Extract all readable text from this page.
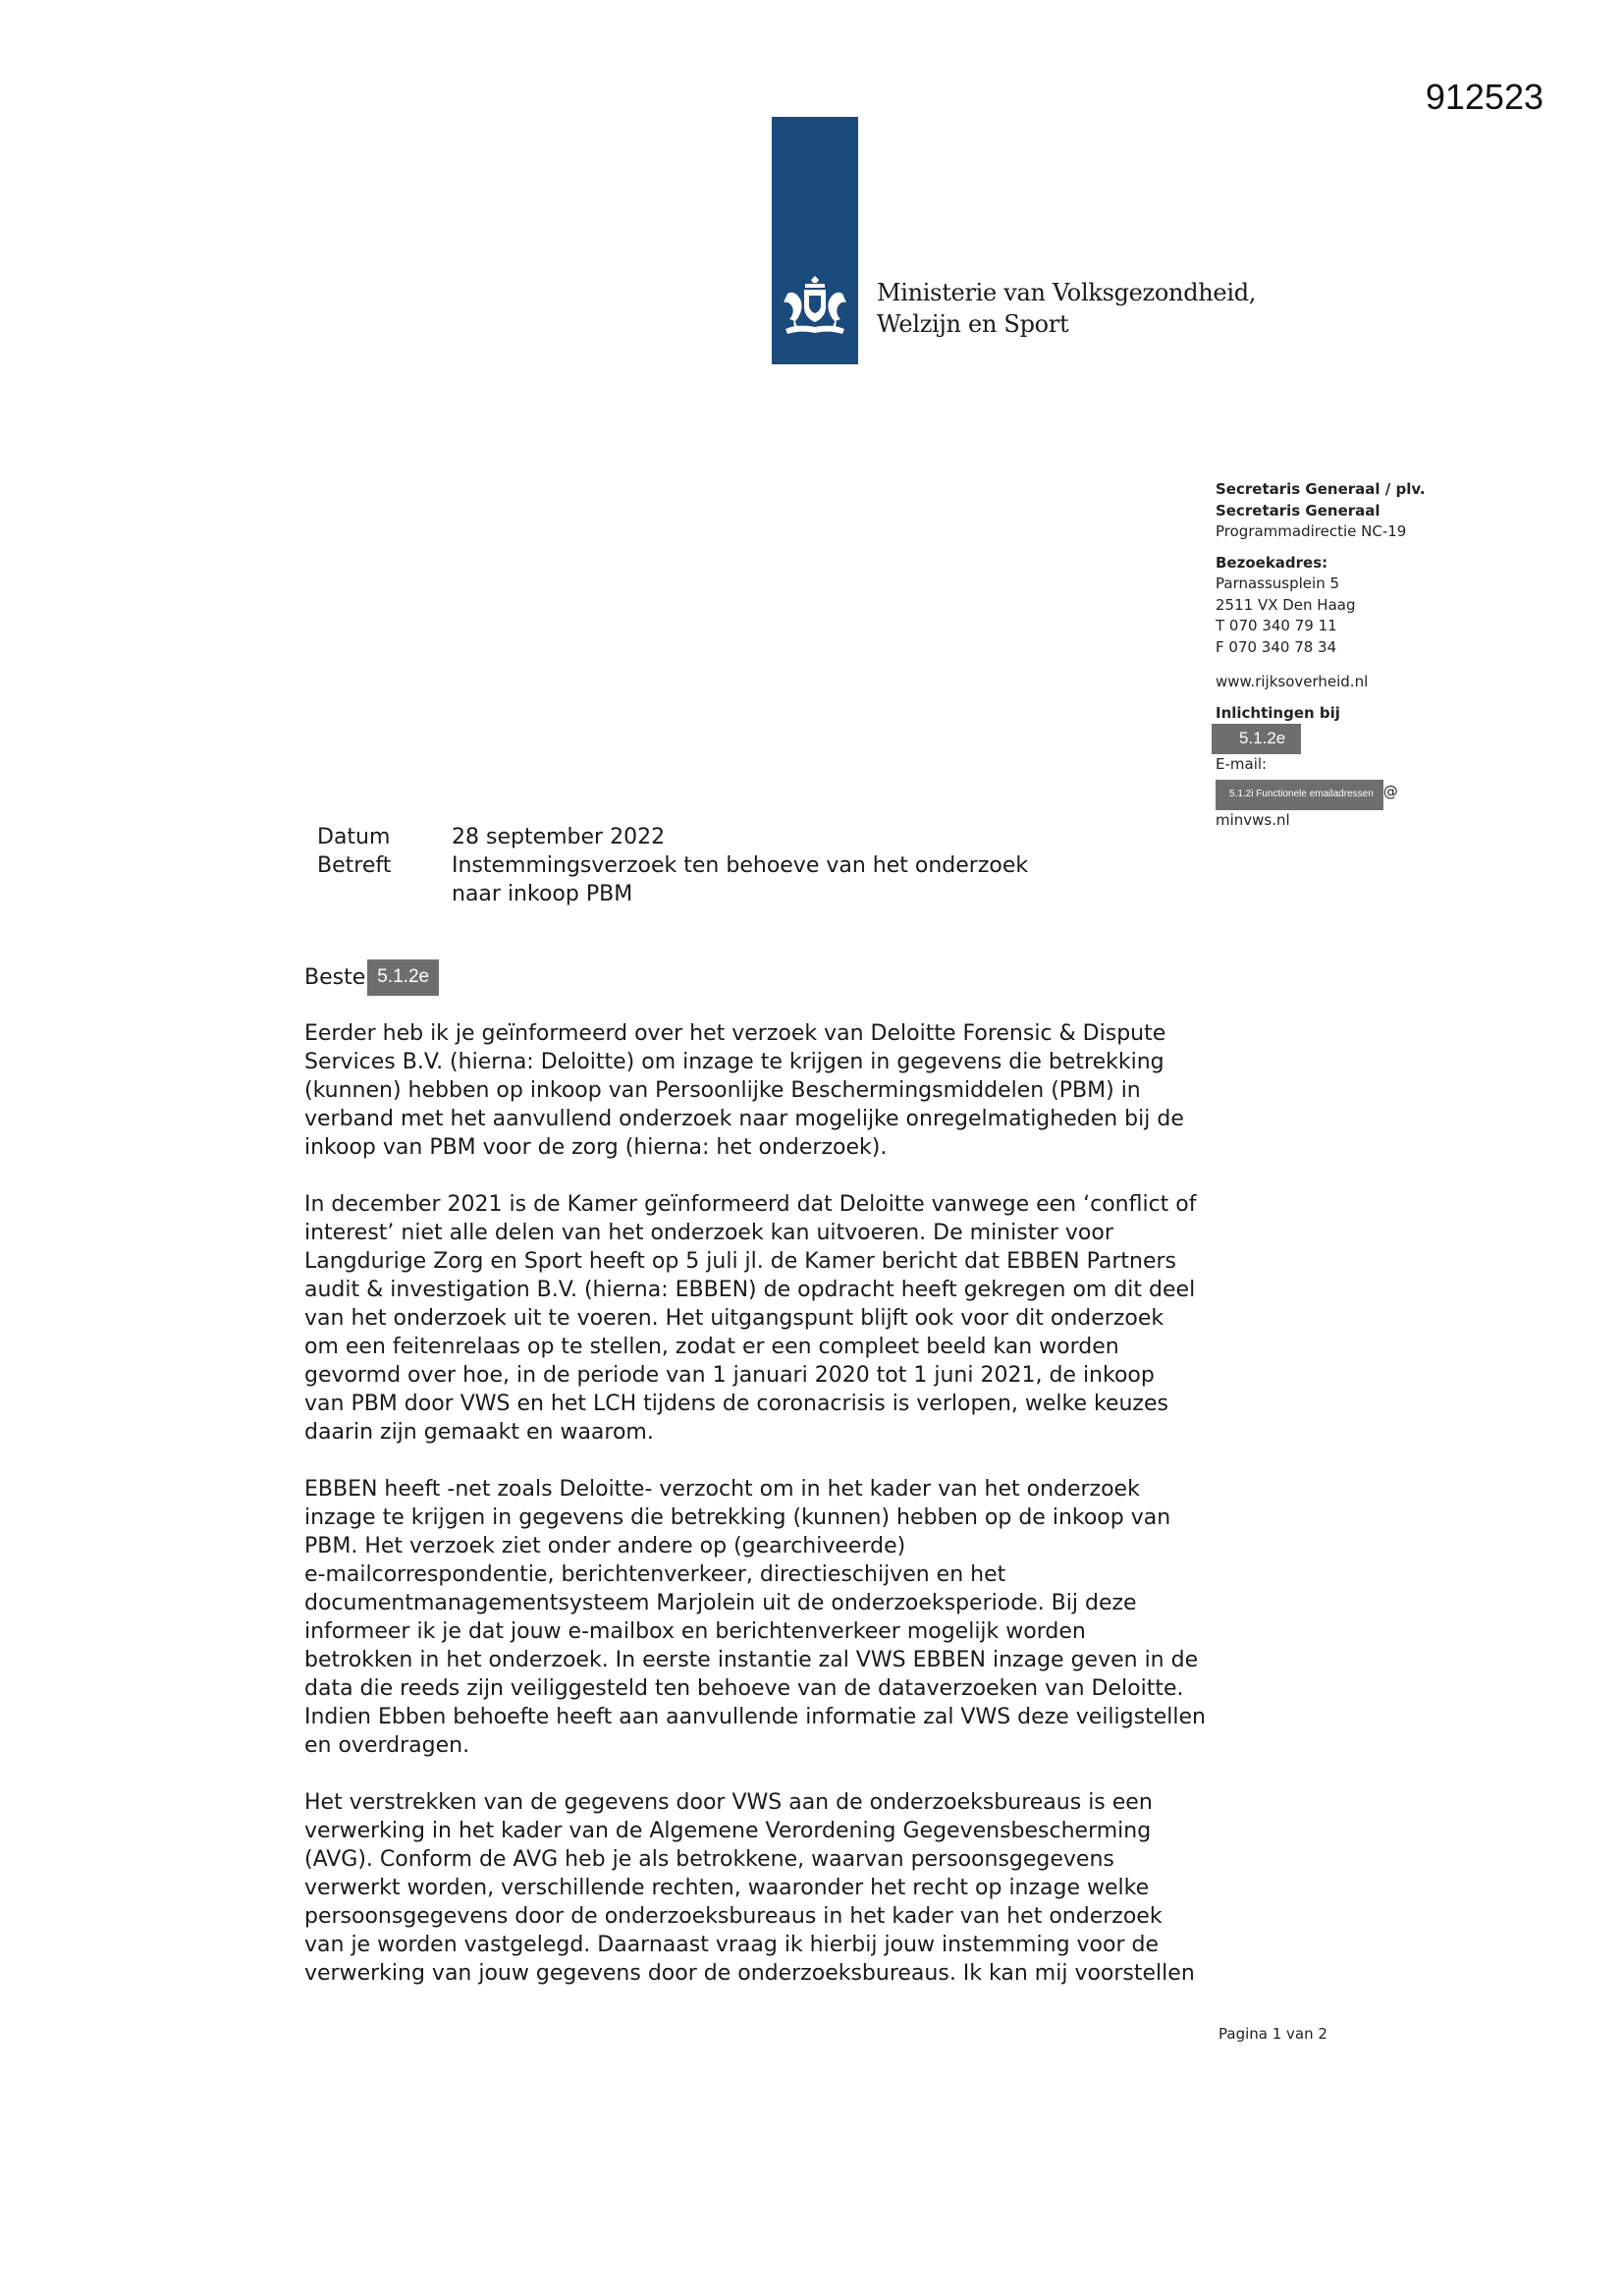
912523
Ministerie van Volksgezondheid,
Welzijn en Sport
Secretaris Generaal / plv.
Secretaris Generaal
Programmadirectie NC-19
Bezoekadres:
Parnassusplein 5
2511 VX Den Haag
T 070 340 79 11
F 070 340 78 34
www.rijksoverheid.nl
Inlichtingen bij
5.1.2e
E-mail:
5.1.2i Functionele emailadressen @
minvws.nl
Datum	28 september 2022
Betreft	Instemmingsverzoek ten behoeve van het onderzoek
naar inkoop PBM
Beste 5.1.2e
Eerder heb ik je geïnformeerd over het verzoek van Deloitte Forensic & Dispute
Services B.V. (hierna: Deloitte) om inzage te krijgen in gegevens die betrekking
(kunnen) hebben op inkoop van Persoonlijke Beschermingsmiddelen (PBM) in
verband met het aanvullend onderzoek naar mogelijke onregelmatigheden bij de
inkoop van PBM voor de zorg (hierna: het onderzoek).
In december 2021 is de Kamer geïnformeerd dat Deloitte vanwege een ‘conflict of
interest’ niet alle delen van het onderzoek kan uitvoeren. De minister voor
Langdurige Zorg en Sport heeft op 5 juli jl. de Kamer bericht dat EBBEN Partners
audit & investigation B.V. (hierna: EBBEN) de opdracht heeft gekregen om dit deel
van het onderzoek uit te voeren. Het uitgangspunt blijft ook voor dit onderzoek
om een feitenrelaas op te stellen, zodat er een compleet beeld kan worden
gevormd over hoe, in de periode van 1 januari 2020 tot 1 juni 2021, de inkoop
van PBM door VWS en het LCH tijdens de coronacrisis is verlopen, welke keuzes
daarin zijn gemaakt en waarom.
EBBEN heeft -net zoals Deloitte- verzocht om in het kader van het onderzoek
inzage te krijgen in gegevens die betrekking (kunnen) hebben op de inkoop van
PBM. Het verzoek ziet onder andere op (gearchiveerde)
e-mailcorrespondentie, berichtenverkeer, directieschijven en het
documentmanagementsysteem Marjolein uit de onderzoeksperiode. Bij deze
informeer ik je dat jouw e-mailbox en berichtenverkeer mogelijk worden
betrokken in het onderzoek. In eerste instantie zal VWS EBBEN inzage geven in de
data die reeds zijn veiliggesteld ten behoeve van de dataverzoeken van Deloitte.
Indien Ebben behoefte heeft aan aanvullende informatie zal VWS deze veiligstellen
en overdragen.
Het verstrekken van de gegevens door VWS aan de onderzoeksbureaus is een
verwerking in het kader van de Algemene Verordening Gegevensbescherming
(AVG). Conform de AVG heb je als betrokkene, waarvan persoonsgegevens
verwerkt worden, verschillende rechten, waaronder het recht op inzage welke
persoonsgegevens door de onderzoeksbureaus in het kader van het onderzoek
van je worden vastgelegd. Daarnaast vraag ik hierbij jouw instemming voor de
verwerking van jouw gegevens door de onderzoeksbureaus. Ik kan mij voorstellen
Pagina 1 van 2
